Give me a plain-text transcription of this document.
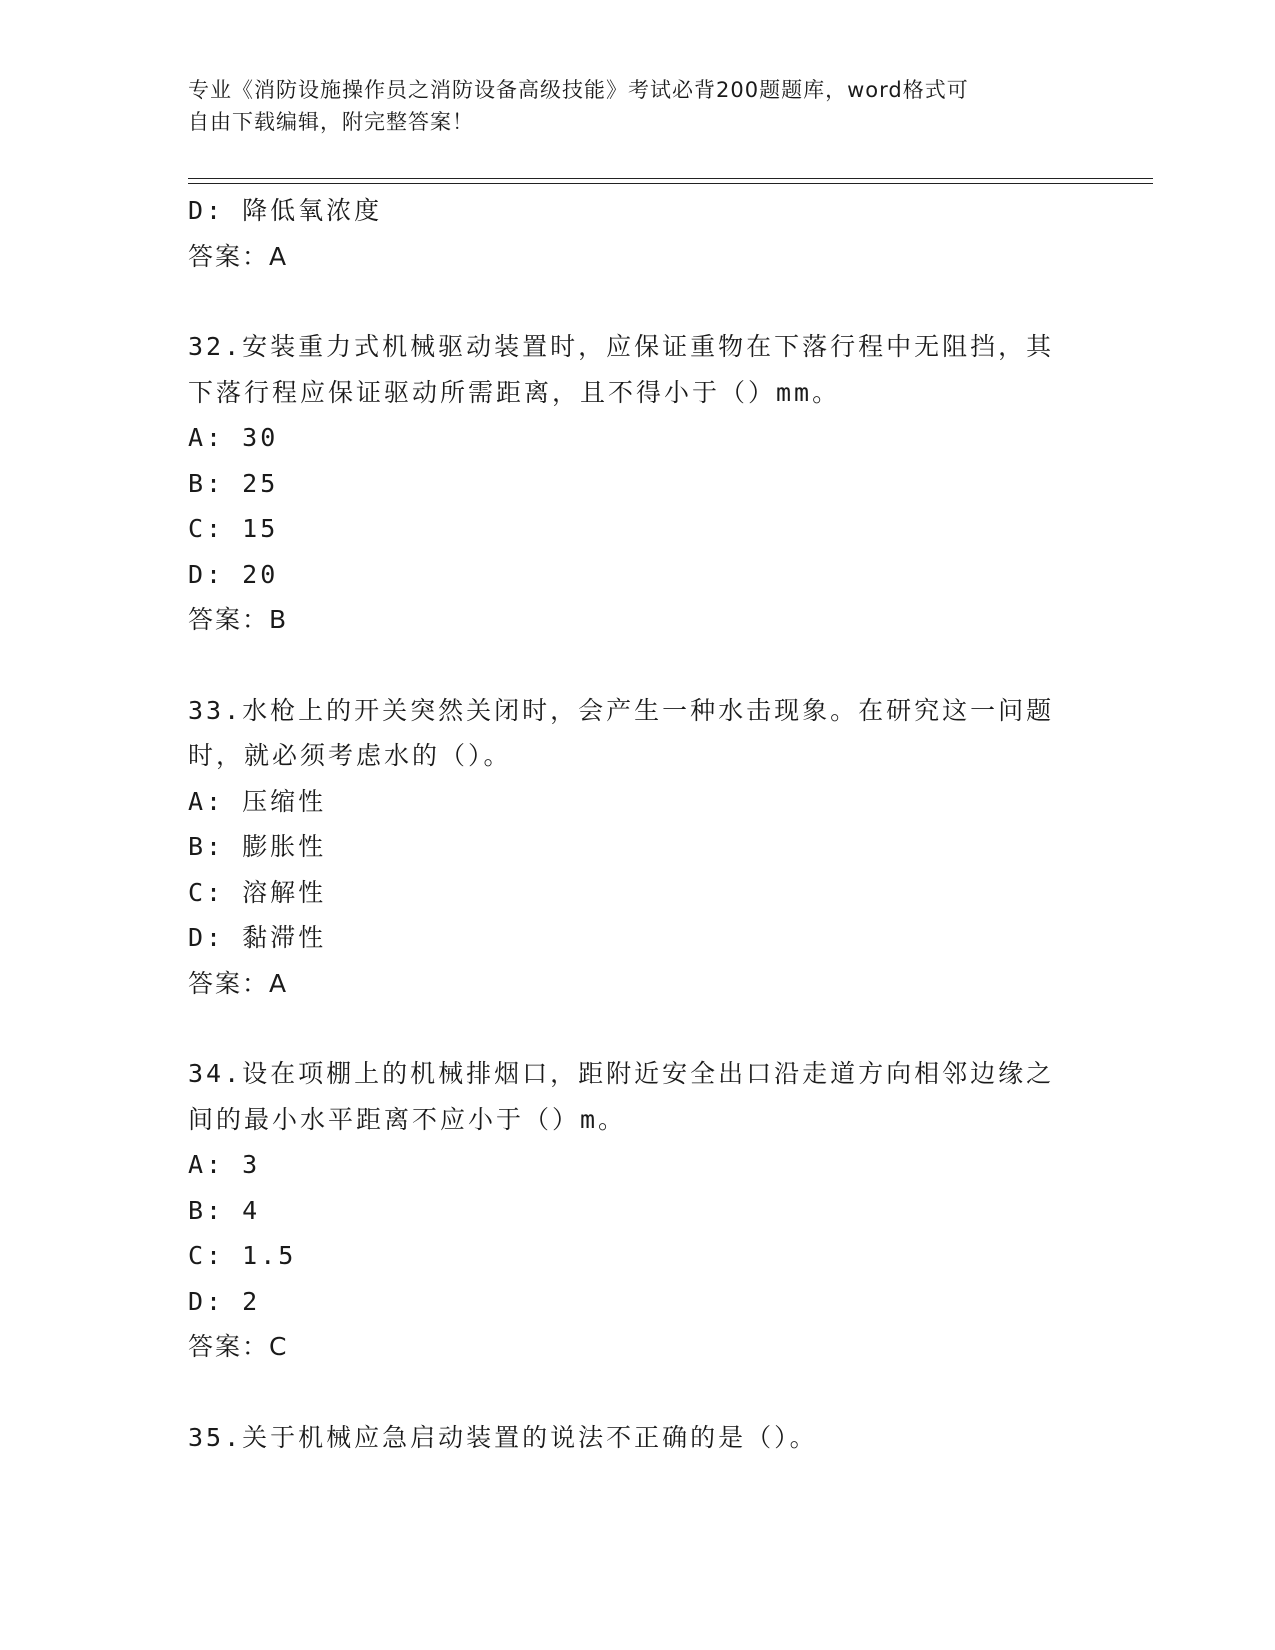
专业《消防设施操作员之消防设备高级技能》考试必背200题题库，word格式可
自由下载编辑，附完整答案！
D: 降低氧浓度
答案：A
32.安装重力式机械驱动装置时，应保证重物在下落行程中无阻挡，其
下落行程应保证驱动所需距离，且不得小于（）mm。
A: 30
B: 25
C: 15
D: 20
答案：B
33.水枪上的开关突然关闭时，会产生一种水击现象。在研究这一问题
时，就必须考虑水的（）。
A: 压缩性
B: 膨胀性
C: 溶解性
D: 黏滞性
答案：A
34.设在项棚上的机械排烟口，距附近安全出口沿走道方向相邻边缘之
间的最小水平距离不应小于（）m。
A: 3
B: 4
C: 1.5
D: 2
答案：C
35.关于机械应急启动装置的说法不正确的是（）。
